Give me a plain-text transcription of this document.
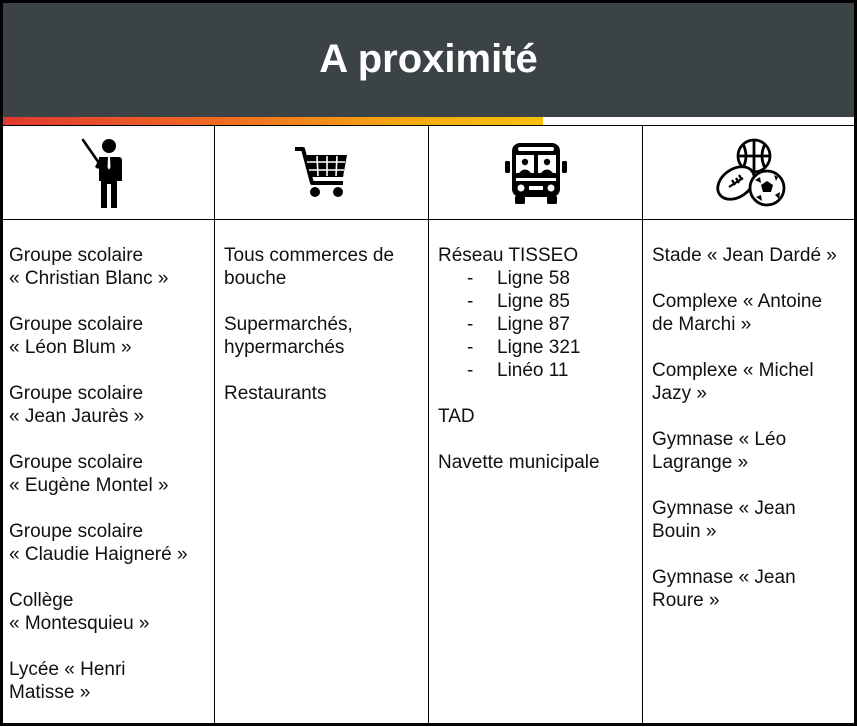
A proximité
Groupe scolaire
« Christian Blanc »
Groupe scolaire
« Léon Blum »
Groupe scolaire
« Jean Jaurès »
Groupe scolaire
« Eugène Montel »
Groupe scolaire
« Claudie Haigneré »
Collège
« Montesquieu »
Lycée « Henri
Matisse »
Tous commerces de
bouche
Supermarchés,
hypermarchés
Restaurants
Réseau TISSEO
- Ligne 58
- Ligne 85
- Ligne 87
- Ligne 321
- Linéo 11
TAD
Navette municipale
Stade « Jean Dardé »
Complexe « Antoine
de Marchi »
Complexe « Michel
Jazy »
Gymnase « Léo
Lagrange »
Gymnase « Jean
Bouin »
Gymnase « Jean
Roure »
